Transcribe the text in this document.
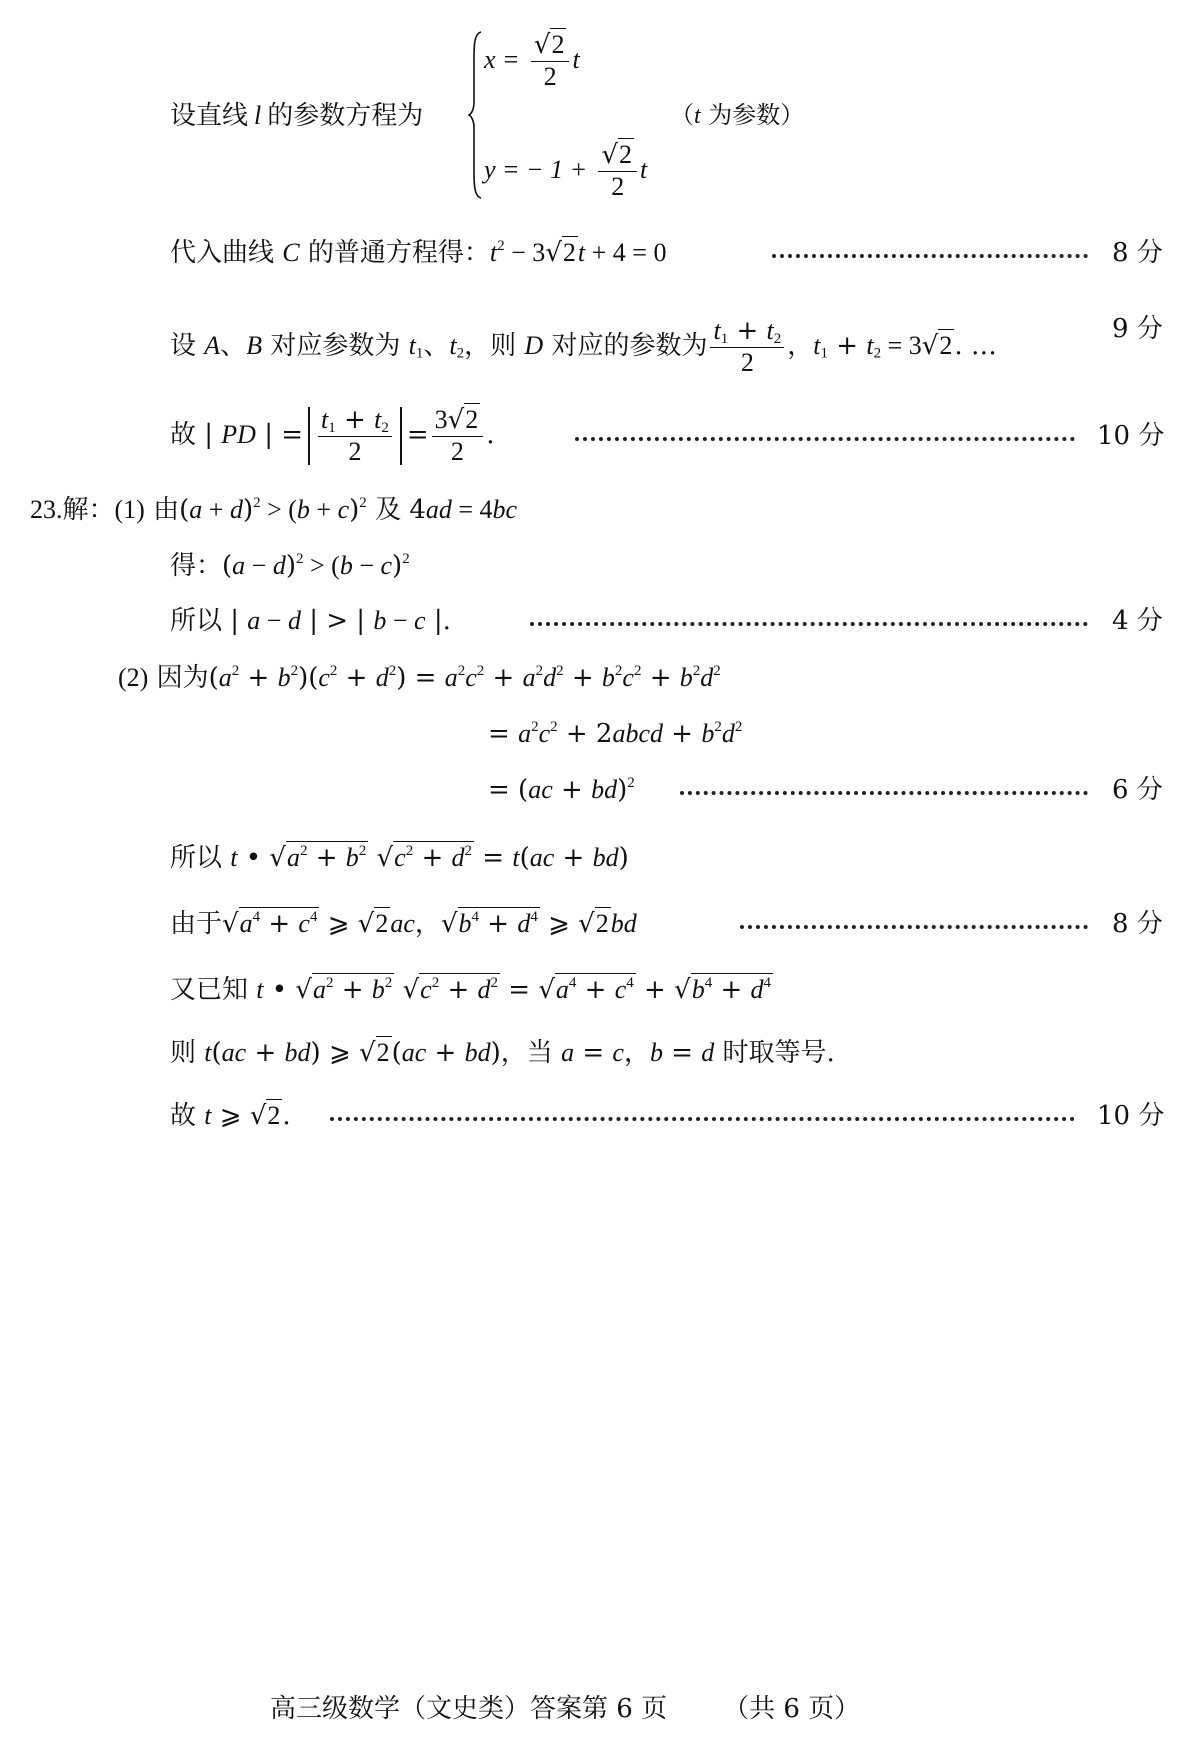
设直线 l 的参数方程为
$x = \frac{√2}{2}$ t
（t 为参数）
y = − $1 + \frac{√2}{2}$ t
代入曲线 C 的普通方程得：$t^2 - 3√2t + 4 = 0$	8 分
设 A、B 对应参数为 $t_1$、$t_2$，则 D 对应的参数为 $\frac{t_1 + t_2}{2}$ ，$t_1 + t_2 = 3√2$. …
9 分
故 | PD | = $\frac{t_1 + t_2}{2} = \frac{3√2}{2}$ .	10 分
23.解：(1) 由$(a + d)^2 > (b + c)^2$ 及 4ad = 4bc
得：$(a - d)^2 > (b - c)^2$
所以 | a − d | > | b − c |.	4 分
(2) 因为$(a^2 + b^2)(c^2 + d^2) = a^2c^2 + a^2d^2 + b^2c^2 + b^2d^2$
= $a^2c^2$ + 2abcd + $b^2d^2$
= (ac + bd)$^2$	6 分
所以 t • $√a^2 + b^2$ $√c^2 + d^2 = t(ac + bd)$
由于$√a^4 + c^4$ ⩾ √2ac，$√b^4 + d^4$ ⩾ √2bd	8 分
又已知 t • $√a^2 + b^2$ $√c^2 + d^2 = √a^4 + c^4 + √b^4 + d^4$
则 t(ac + bd) ⩾ √2(ac + bd)，当 a = c，b = d 时取等号.
故 t ⩾ √2.	10 分
高三级数学（文史类）答案第 6 页 （共 6 页）
